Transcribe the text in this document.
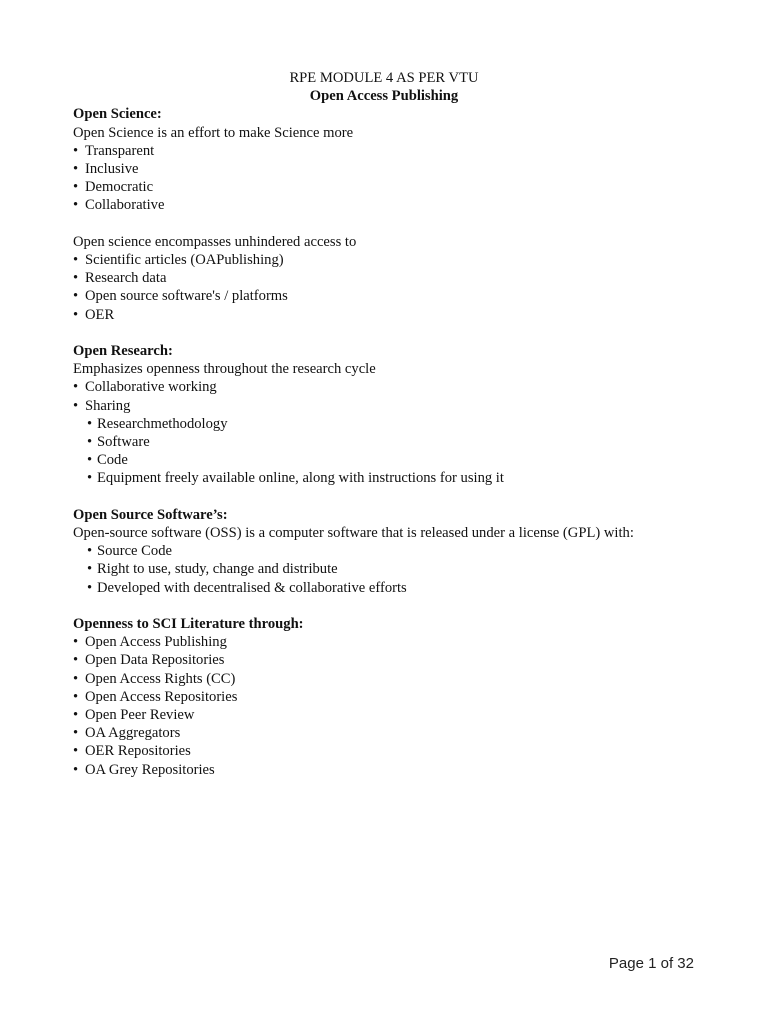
RPE MODULE 4 AS PER VTU
Open Access Publishing
Open Science:
Open Science is an effort to make Science more
• Transparent
• Inclusive
• Democratic
• Collaborative
Open science encompasses unhindered access to
• Scientific articles (OAPublishing)
• Research data
• Open source software's / platforms
• OER
Open Research:
Emphasizes openness throughout the research cycle
• Collaborative working
• Sharing
• Researchmethodology
• Software
• Code
• Equipment freely available online, along with instructions for using it
Open Source Software’s:
Open-source software (OSS) is a computer software that is released under a license (GPL) with:
• Source Code
• Right to use, study, change and distribute
• Developed with decentralised & collaborative efforts
Openness to SCI Literature through:
• Open Access Publishing
• Open Data Repositories
• Open Access Rights (CC)
• Open Access Repositories
• Open Peer Review
• OA Aggregators
• OER Repositories
• OA Grey Repositories
Page 1 of 32
